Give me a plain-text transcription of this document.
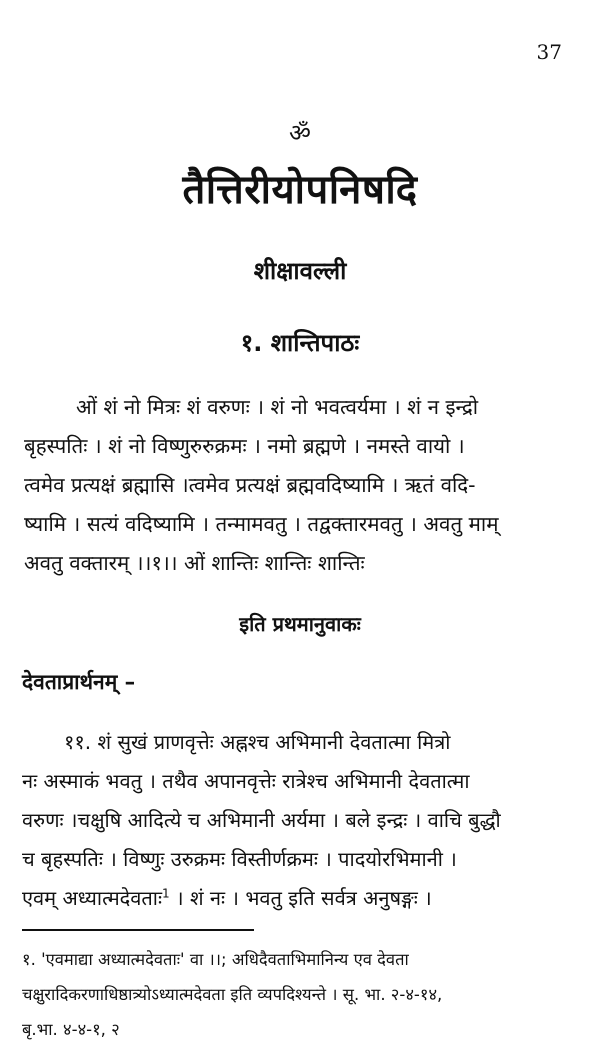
37
ॐ
तैत्तिरीयोपनिषदि
शीक्षावल्ली
१. शान्तिपाठः
ओं शं नो मित्रः शं वरुणः । शं नो भवत्वर्यमा । शं न इन्द्रो
बृहस्पतिः । शं नो विष्णुरुरुक्रमः । नमो ब्रह्मणे । नमस्ते वायो ।
त्वमेव प्रत्यक्षं ब्रह्मासि ।त्वमेव प्रत्यक्षं ब्रह्मवदिष्यामि । ऋतं वदि-
ष्यामि । सत्यं वदिष्यामि । तन्मामवतु । तद्वक्तारमवतु । अवतु माम्
अवतु वक्तारम् ।।१।। ओं शान्तिः शान्तिः शान्तिः
इति प्रथमानुवाकः
देवताप्रार्थनम् –
११. शं सुखं प्राणवृत्तेः अह्नश्च अभिमानी देवतात्मा मित्रो
नः अस्माकं भवतु । तथैव अपानवृत्तेः रात्रेश्च अभिमानी देवतात्मा
वरुणः ।चक्षुषि आदित्ये च अभिमानी अर्यमा । बले इन्द्रः । वाचि बुद्धौ
च बृहस्पतिः । विष्णुः उरुक्रमः विस्तीर्णक्रमः । पादयोरभिमानी ।
एवम् अध्यात्मदेवताः$^1$ । शं नः । भवतु इति सर्वत्र अनुषङ्गः ।
१. 'एवमाद्या अध्यात्मदेवताः' वा ।।; अधिदैवताभिमानिन्य एव देवता
चक्षुरादिकरणाधिष्ठात्र्योऽध्यात्मदेवता इति व्यपदिश्यन्ते । सू. भा. २-४-१४,
बृ.भा. ४-४-१, २
